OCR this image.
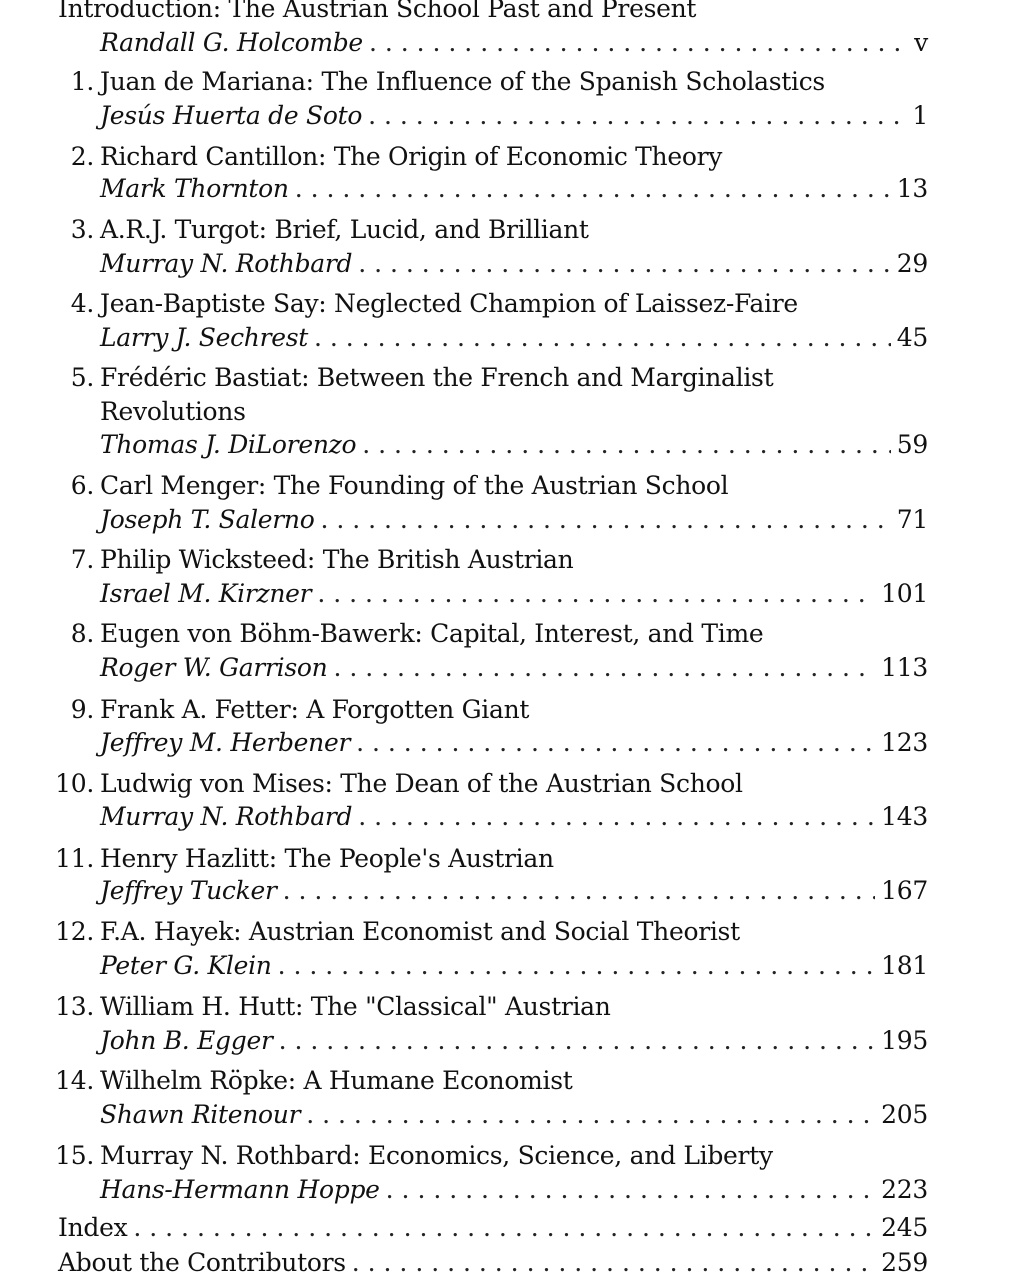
Introduction: The Austrian School Past and Present
Randall G. Holcombe . . .	v
1. Juan de Mariana: The Influence of the Spanish Scholastics
Jesús Huerta de Soto . . .	1
2. Richard Cantillon: The Origin of Economic Theory
Mark Thornton . . .	13
3. A.R.J. Turgot: Brief, Lucid, and Brilliant
Murray N. Rothbard . . .	29
4. Jean-Baptiste Say: Neglected Champion of Laissez-Faire
Larry J. Sechrest . . .	45
5. Frédéric Bastiat: Between the French and Marginalist
Revolutions
Thomas J. DiLorenzo . . .	59
6. Carl Menger: The Founding of the Austrian School
Joseph T. Salerno . . .	71
7. Philip Wicksteed: The British Austrian
Israel M. Kirzner . . .	101
8. Eugen von Böhm-Bawerk: Capital, Interest, and Time
Roger W. Garrison . . .	113
9. Frank A. Fetter: A Forgotten Giant
Jeffrey M. Herbener . . .	123
10. Ludwig von Mises: The Dean of the Austrian School
Murray N. Rothbard . . .	143
11. Henry Hazlitt: The People's Austrian
Jeffrey Tucker . . .	167
12. F.A. Hayek: Austrian Economist and Social Theorist
Peter G. Klein . . .	181
13. William H. Hutt: The "Classical" Austrian
John B. Egger . . .	195
14. Wilhelm Röpke: A Humane Economist
Shawn Ritenour . . .	205
15. Murray N. Rothbard: Economics, Science, and Liberty
Hans-Hermann Hoppe . . .	223
Index . . .	245
About the Contributors . . .	259
